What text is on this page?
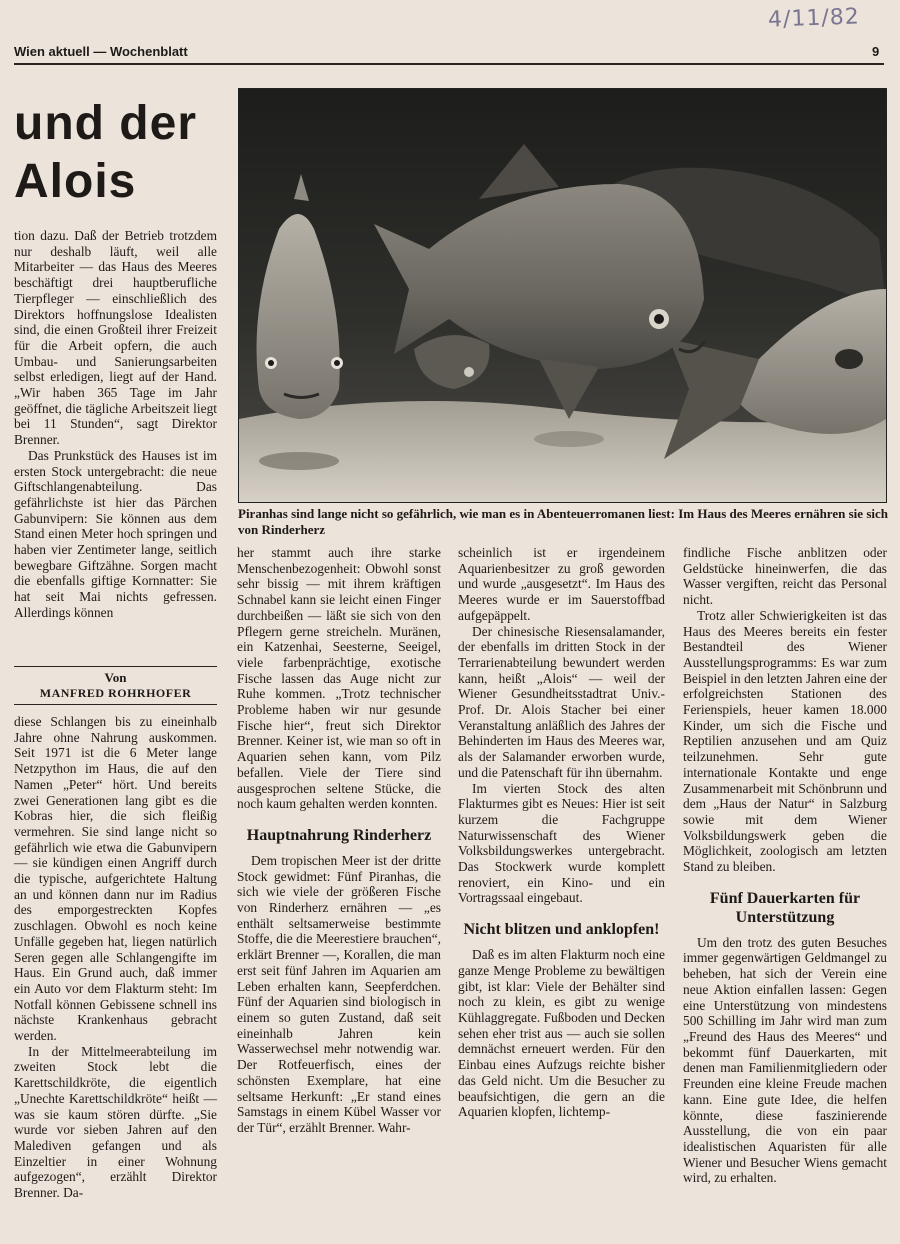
4/11/82
Wien aktuell — Wochenblatt	9
und der
Alois
Piranhas sind lange nicht so gefährlich, wie man es in Abenteuerromanen liest: Im Haus des Meeres ernähren sie sich von Rinderherz

tion dazu. Daß der Betrieb trotzdem nur deshalb läuft, weil alle Mitarbeiter — das Haus des Meeres beschäftigt drei hauptberufliche Tierpfleger — einschließlich des Direktors hoffnungslose Idealisten sind, die einen Großteil ihrer Freizeit für die Arbeit opfern, die auch Umbau- und Sanierungsarbeiten selbst erledigen, liegt auf der Hand. „Wir haben 365 Tage im Jahr geöffnet, die tägliche Arbeitszeit liegt bei 11 Stunden“, sagt Direktor Brenner.

Das Prunkstück des Hauses ist im ersten Stock untergebracht: die neue Giftschlangenabteilung. Das gefährlichste ist hier das Pärchen Gabunvipern: Sie können aus dem Stand einen Meter hoch springen und haben vier Zentimeter lange, seitlich bewegbare Giftzähne. Sorgen macht die ebenfalls giftige Kornnatter: Sie hat seit Mai nichts gefressen. Allerdings können

Von
MANFRED ROHRHOFER

diese Schlangen bis zu eineinhalb Jahre ohne Nahrung auskommen. Seit 1971 ist die 6 Meter lange Netzpython im Haus, die auf den Namen „Peter“ hört. Und bereits zwei Generationen lang gibt es die Kobras hier, die sich fleißig vermehren. Sie sind lange nicht so gefährlich wie etwa die Gabunvipern — sie kündigen einen Angriff durch die typische, aufgerichtete Haltung an und können dann nur im Radius des emporgestreckten Kopfes zuschlagen. Obwohl es noch keine Unfälle gegeben hat, liegen natürlich Seren gegen alle Schlangengifte im Haus. Ein Grund auch, daß immer ein Auto vor dem Flakturm steht: Im Notfall können Gebissene schnell ins nächste Krankenhaus gebracht werden.

In der Mittelmeerabteilung im zweiten Stock lebt die Karettschildkröte, die eigentlich „Unechte Karettschildkröte“ heißt — was sie kaum stören dürfte. „Sie wurde vor sieben Jahren auf den Malediven gefangen und als Einzeltier in einer Wohnung aufgezogen“, erzählt Direktor Brenner. Da-

her stammt auch ihre starke Menschenbezogenheit: Obwohl sonst sehr bissig — mit ihrem kräftigen Schnabel kann sie leicht einen Finger durchbeißen — läßt sie sich von den Pflegern gerne streicheln. Muränen, ein Katzenhai, Seesterne, Seeigel, viele farbenprächtige, exotische Fische lassen das Auge nicht zur Ruhe kommen. „Trotz technischer Probleme haben wir nur gesunde Fische hier“, freut sich Direktor Brenner. Keiner ist, wie man so oft in Aquarien sehen kann, vom Pilz befallen. Viele der Tiere sind ausgesprochen seltene Stücke, die noch kaum gehalten werden konnten.

Hauptnahrung Rinderherz

Dem tropischen Meer ist der dritte Stock gewidmet: Fünf Piranhas, die sich wie viele der größeren Fische von Rinderherz ernähren — „es enthält seltsamerweise bestimmte Stoffe, die die Meerestiere brauchen“, erklärt Brenner —, Korallen, die man erst seit fünf Jahren im Aquarien am Leben erhalten kann, Seepferdchen. Fünf der Aquarien sind biologisch in einem so guten Zustand, daß seit eineinhalb Jahren kein Wasserwechsel mehr notwendig war. Der Rotfeuerfisch, eines der schönsten Exemplare, hat eine seltsame Herkunft: „Er stand eines Samstags in einem Kübel Wasser vor der Tür“, erzählt Brenner. Wahr-

scheinlich ist er irgendeinem Aquarienbesitzer zu groß geworden und wurde „ausgesetzt“. Im Haus des Meeres wurde er im Sauerstoffbad aufgepäppelt.

Der chinesische Riesensalamander, der ebenfalls im dritten Stock in der Terrarienabteilung bewundert werden kann, heißt „Alois“ — weil der Wiener Gesundheitsstadtrat Univ.-Prof. Dr. Alois Stacher bei einer Veranstaltung anläßlich des Jahres der Behinderten im Haus des Meeres war, als der Salamander erworben wurde, und die Patenschaft für ihn übernahm.

Im vierten Stock des alten Flakturmes gibt es Neues: Hier ist seit kurzem die Fachgruppe Naturwissenschaft des Wiener Volksbildungswerkes untergebracht. Das Stockwerk wurde komplett renoviert, ein Kino- und ein Vortragssaal eingebaut.

Nicht blitzen und anklopfen!

Daß es im alten Flakturm noch eine ganze Menge Probleme zu bewältigen gibt, ist klar: Viele der Behälter sind noch zu klein, es gibt zu wenige Kühlaggregate. Fußboden und Decken sehen eher trist aus — auch sie sollen demnächst erneuert werden. Für den Einbau eines Aufzugs reichte bisher das Geld nicht. Um die Besucher zu beaufsichtigen, die gern an die Aquarien klopfen, lichtemp-

findliche Fische anblitzen oder Geldstücke hineinwerfen, die das Wasser vergiften, reicht das Personal nicht.

Trotz aller Schwierigkeiten ist das Haus des Meeres bereits ein fester Bestandteil des Wiener Ausstellungsprogramms: Es war zum Beispiel in den letzten Jahren eine der erfolgreichsten Stationen des Ferienspiels, heuer kamen 18.000 Kinder, um sich die Fische und Reptilien anzusehen und am Quiz teilzunehmen. Sehr gute internationale Kontakte und enge Zusammenarbeit mit Schönbrunn und dem „Haus der Natur“ in Salzburg sowie mit dem Wiener Volksbildungswerk geben die Möglichkeit, zoologisch am letzten Stand zu bleiben.

Fünf Dauerkarten für Unterstützung

Um den trotz des guten Besuches immer gegenwärtigen Geldmangel zu beheben, hat sich der Verein eine neue Aktion einfallen lassen: Gegen eine Unterstützung von mindestens 500 Schilling im Jahr wird man zum „Freund des Haus des Meeres“ und bekommt fünf Dauerkarten, mit denen man Familienmitgliedern oder Freunden eine kleine Freude machen kann. Eine gute Idee, die helfen könnte, diese faszinierende Ausstellung, die von ein paar idealistischen Aquaristen für alle Wiener und Besucher Wiens gemacht wird, zu erhalten.
